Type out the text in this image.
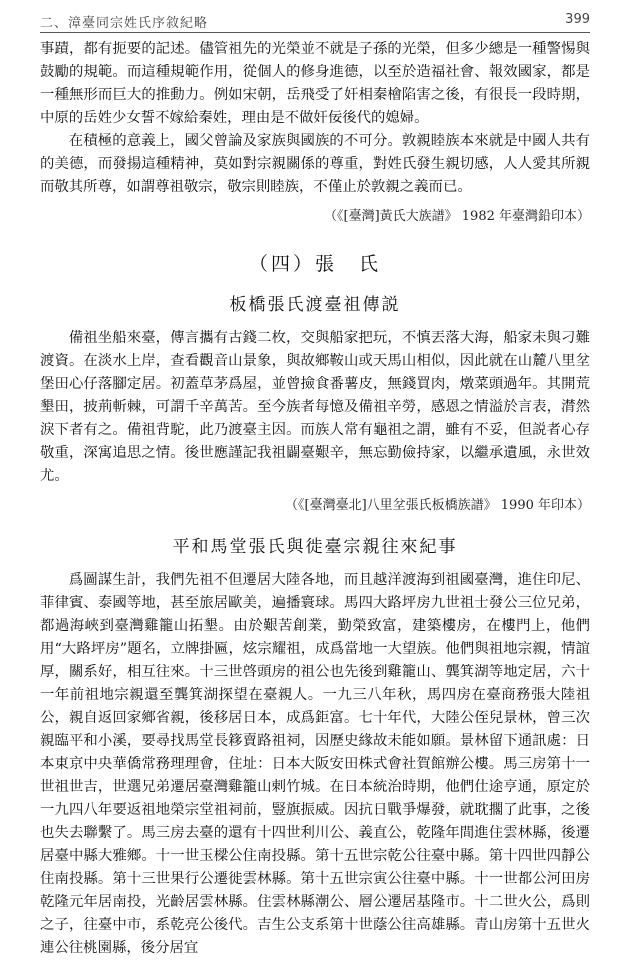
二、漳臺同宗姓氏序敘紀略	399

事蹟，都有扼要的記述。儘管祖先的光榮並不就是子孫的光榮，但多少總是一種警惕與鼓勵的規範。而這種規範作用，從個人的修身進德，以至於造福社會、報效國家，都是一種無形而巨大的推動力。例如宋朝，岳飛受了奸相秦檜陷害之後，有很長一段時期，中原的岳姓少女誓不嫁給秦姓，理由是不做奸佞後代的媳婦。

在積極的意義上，國父曾論及家族與國族的不可分。敦親睦族本來就是中國人共有的美德，而發揚這種精神，莫如對宗親關係的尊重，對姓氏發生親切感，人人愛其所親而敬其所尊，如謂尊祖敬宗，敬宗則睦族，不僅止於敦親之義而已。

（《[臺灣]黃氏大族譜》 1982 年臺灣鉛印本）
（四）張　氏
板橋張氏渡臺祖傳説

備祖坐船來臺，傳言攜有古錢二枚，交與船家把玩，不慎丟落大海，船家未與刁難渡資。在淡水上岸，查看觀音山景象，與故鄉鞍山或天馬山相似，因此就在山麓八里坌堡田心仔落腳定居。初蓋草茅爲屋，並曾撿食番薯皮，無錢買肉，燉菜頭過年。其開荒墾田，披荊斬棘，可謂千辛萬苦。至今族者每憶及備祖辛勞，感恩之情溢於言表，潸然淚下者有之。備祖背駝，此乃渡臺主因。而族人常有龜祖之謂，雖有不妥，但説者心存敬重，深寓追思之情。後世應謹記我祖闢臺艱辛，無忘勤儉持家，以繼承遺風，永世效尤。

（《[臺灣臺北]八里坌張氏板橋族譜》 1990 年印本）
平和馬堂張氏與徙臺宗親往來紀事

爲圖謀生計，我們先祖不但遷居大陸各地，而且越洋渡海到祖國臺灣，進住印尼、菲律賓、泰國等地，甚至旅居歐美，遍播寰球。馬四大路坪房九世祖士發公三位兄弟，都過海峽到臺灣雞籠山拓墾。由於艱苦創業，勤榮致富，建築樓房，在樓門上，他們用“大路坪房”題名，立牌掛匾，炫宗耀祖，成爲當地一大望族。他們與祖地宗親，情誼厚，關系好，相互往來。十三世啓頭房的祖公也先後到雞籠山、龔箕湖等地定居，六十一年前祖地宗親還至龔箕湖探望在臺親人。一九三八年秋，馬四房在臺商務張大陸祖公，親自返回家鄉省親，後移居日本，成爲鉅富。七十年代，大陸公侄兒景林，曾三次親臨平和小溪，要尋找馬堂長簃賣路祖祠，因歷史緣故未能如願。景林留下通訊處：日本東京中央華僑常務理理會，住址：日本大阪安田株式會社賀館辦公樓。馬三房第十一世祖世吉，世選兄弟遷居臺灣雞籠山剌竹城。在日本統治時期，他們仕途亨通，原定於一九四八年要返祖地榮宗堂祖祠前，豎旗振威。因抗日戰爭爆發，就耽擱了此事，之後也失去聯繫了。馬三房去臺的還有十四世利川公、義直公，乾隆年間進住雲林縣，後遷居臺中縣大雅鄉。十一世玉樑公住南投縣。第十五世宗乾公往臺中縣。第十四世四靜公住南投縣。第十三世果行公遷徙雲林縣。第十五世宗寅公往臺中縣。十一世都公河田房乾隆元年居南投，光齡居雲林縣。住雲林縣潮公、層公遷居基隆市。十二世火公，爲則之子，往臺中市，系乾亮公後代。吉生公支系第十世蔭公往高雄縣。青山房第十五世火連公往桃園縣，後分居宜
